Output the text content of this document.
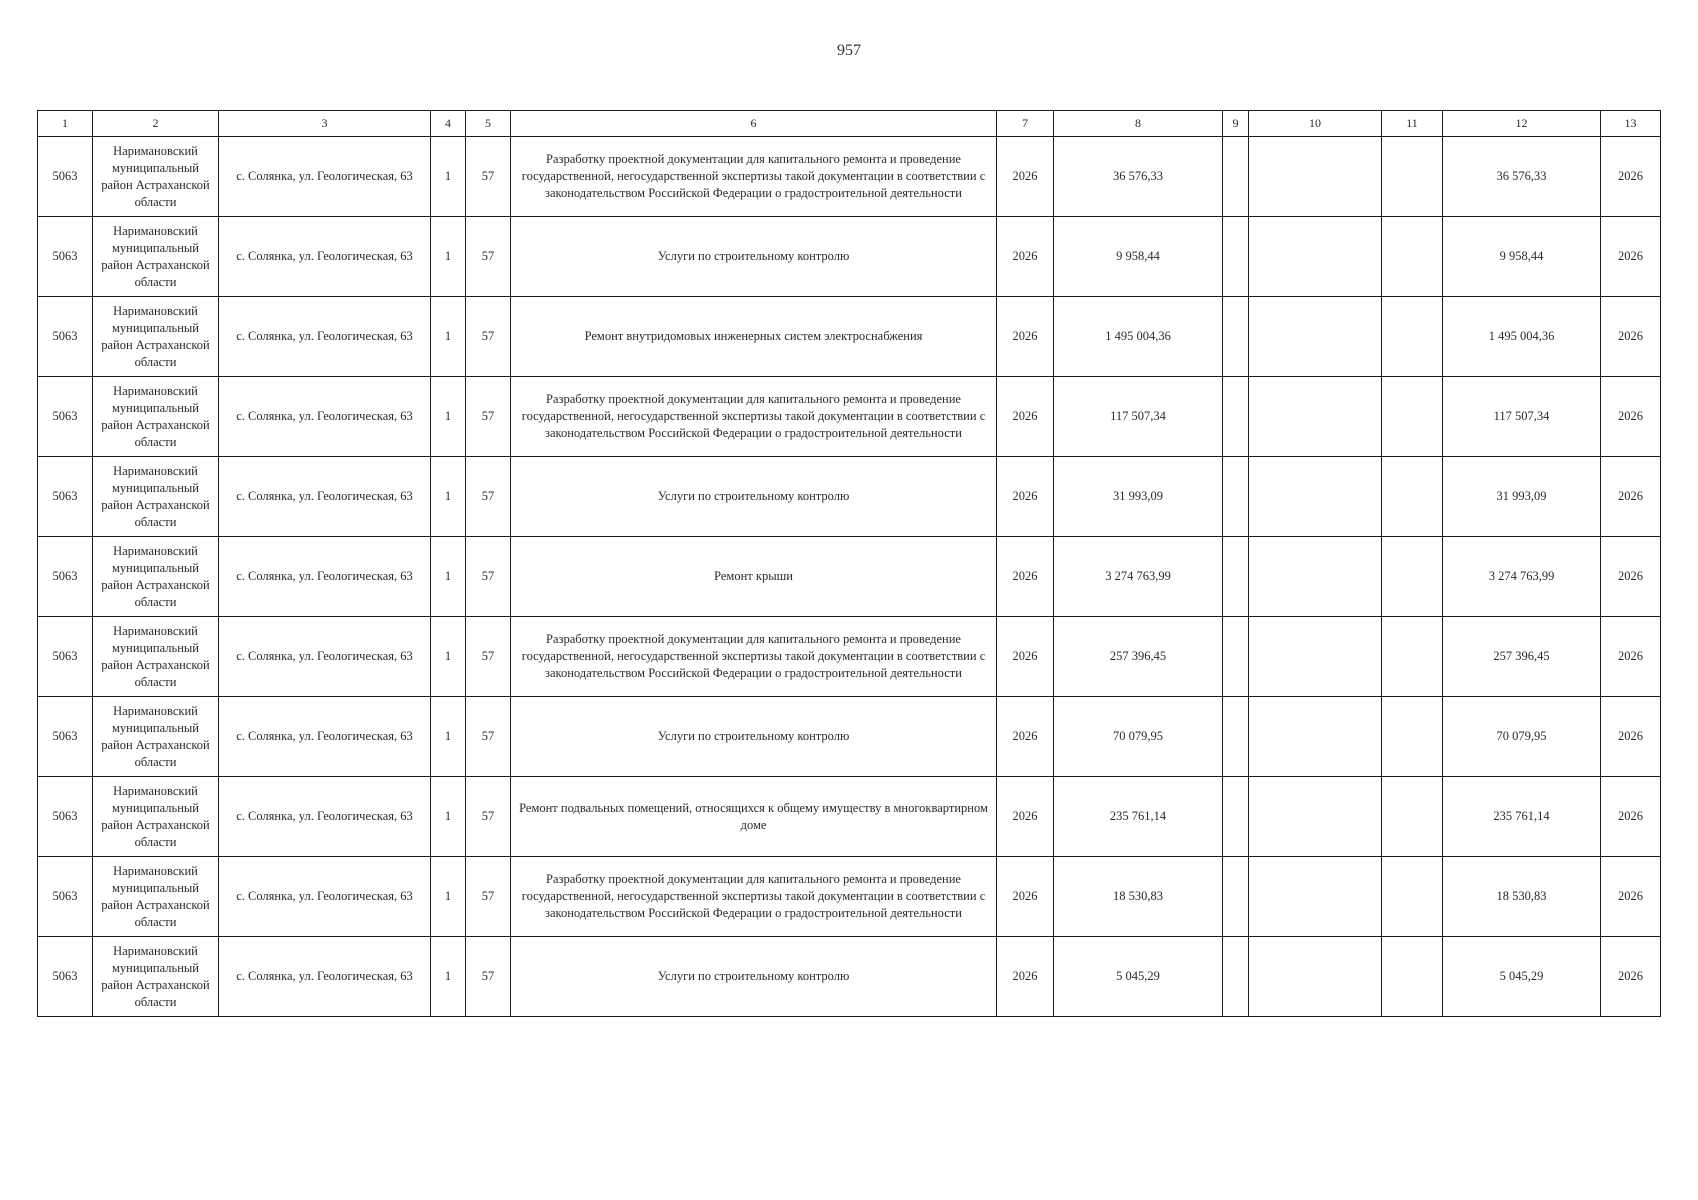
957
1	2	3	4	5	6	7	8	9	10	11	12	13
5063	Наримановский муниципальный район Астраханской области	с. Солянка, ул. Геологическая, 63	1	57	Разработку проектной документации для капитального ремонта и проведение государственной, негосударственной экспертизы такой документации в соответствии с законодательством Российской Федерации о градостроительной деятельности	2026	36 576,33				36 576,33	2026
5063	Наримановский муниципальный район Астраханской области	с. Солянка, ул. Геологическая, 63	1	57	Услуги по строительному контролю	2026	9 958,44				9 958,44	2026
5063	Наримановский муниципальный район Астраханской области	с. Солянка, ул. Геологическая, 63	1	57	Ремонт внутридомовых инженерных систем электроснабжения	2026	1 495 004,36				1 495 004,36	2026
5063	Наримановский муниципальный район Астраханской области	с. Солянка, ул. Геологическая, 63	1	57	Разработку проектной документации для капитального ремонта и проведение государственной, негосударственной экспертизы такой документации в соответствии с законодательством Российской Федерации о градостроительной деятельности	2026	117 507,34				117 507,34	2026
5063	Наримановский муниципальный район Астраханской области	с. Солянка, ул. Геологическая, 63	1	57	Услуги по строительному контролю	2026	31 993,09				31 993,09	2026
5063	Наримановский муниципальный район Астраханской области	с. Солянка, ул. Геологическая, 63	1	57	Ремонт крыши	2026	3 274 763,99				3 274 763,99	2026
5063	Наримановский муниципальный район Астраханской области	с. Солянка, ул. Геологическая, 63	1	57	Разработку проектной документации для капитального ремонта и проведение государственной, негосударственной экспертизы такой документации в соответствии с законодательством Российской Федерации о градостроительной деятельности	2026	257 396,45				257 396,45	2026
5063	Наримановский муниципальный район Астраханской области	с. Солянка, ул. Геологическая, 63	1	57	Услуги по строительному контролю	2026	70 079,95				70 079,95	2026
5063	Наримановский муниципальный район Астраханской области	с. Солянка, ул. Геологическая, 63	1	57	Ремонт подвальных помещений, относящихся к общему имуществу в многоквартирном доме	2026	235 761,14				235 761,14	2026
5063	Наримановский муниципальный район Астраханской области	с. Солянка, ул. Геологическая, 63	1	57	Разработку проектной документации для капитального ремонта и проведение государственной, негосударственной экспертизы такой документации в соответствии с законодательством Российской Федерации о градостроительной деятельности	2026	18 530,83				18 530,83	2026
5063	Наримановский муниципальный район Астраханской области	с. Солянка, ул. Геологическая, 63	1	57	Услуги по строительному контролю	2026	5 045,29				5 045,29	2026
